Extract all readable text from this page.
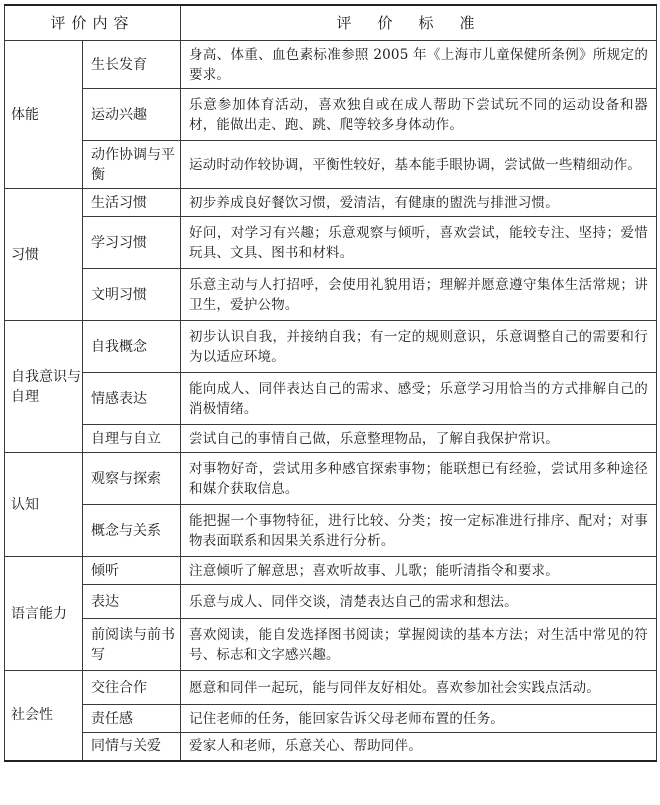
评价内容		评价标准
体能	生长发育	身高、体重、血色素标准参照 2005 年《上海市儿童保健所条例》所规定的要求。
	运动兴趣	乐意参加体育活动，喜欢独自或在成人帮助下尝试玩不同的运动设备和器材，能做出走、跑、跳、爬等较多身体动作。
	动作协调与平衡	运动时动作较协调，平衡性较好，基本能手眼协调，尝试做一些精细动作。
习惯	生活习惯	初步养成良好餐饮习惯，爱清洁，有健康的盥洗与排泄习惯。
	学习习惯	好问，对学习有兴趣；乐意观察与倾听，喜欢尝试，能较专注、坚持；爱惜玩具、文具、图书和材料。
	文明习惯	乐意主动与人打招呼，会使用礼貌用语；理解并愿意遵守集体生活常规；讲卫生，爱护公物。
自我意识与自理	自我概念	初步认识自我，并接纳自我；有一定的规则意识，乐意调整自己的需要和行为以适应环境。
	情感表达	能向成人、同伴表达自己的需求、感受；乐意学习用恰当的方式排解自己的消极情绪。
	自理与自立	尝试自己的事情自己做，乐意整理物品，了解自我保护常识。
认知	观察与探索	对事物好奇，尝试用多种感官探索事物；能联想已有经验，尝试用多种途径和媒介获取信息。
	概念与关系	能把握一个事物特征，进行比较、分类；按一定标准进行排序、配对；对事物表面联系和因果关系进行分析。
语言能力	倾听	注意倾听了解意思；喜欢听故事、儿歌；能听清指令和要求。
	表达	乐意与成人、同伴交谈，清楚表达自己的需求和想法。
	前阅读与前书写	喜欢阅读，能自发选择图书阅读；掌握阅读的基本方法；对生活中常见的符号、标志和文字感兴趣。
社会性	交往合作	愿意和同伴一起玩，能与同伴友好相处。喜欢参加社会实践点活动。
	责任感	记住老师的任务，能回家告诉父母老师布置的任务。
	同情与关爱	爱家人和老师，乐意关心、帮助同伴。
